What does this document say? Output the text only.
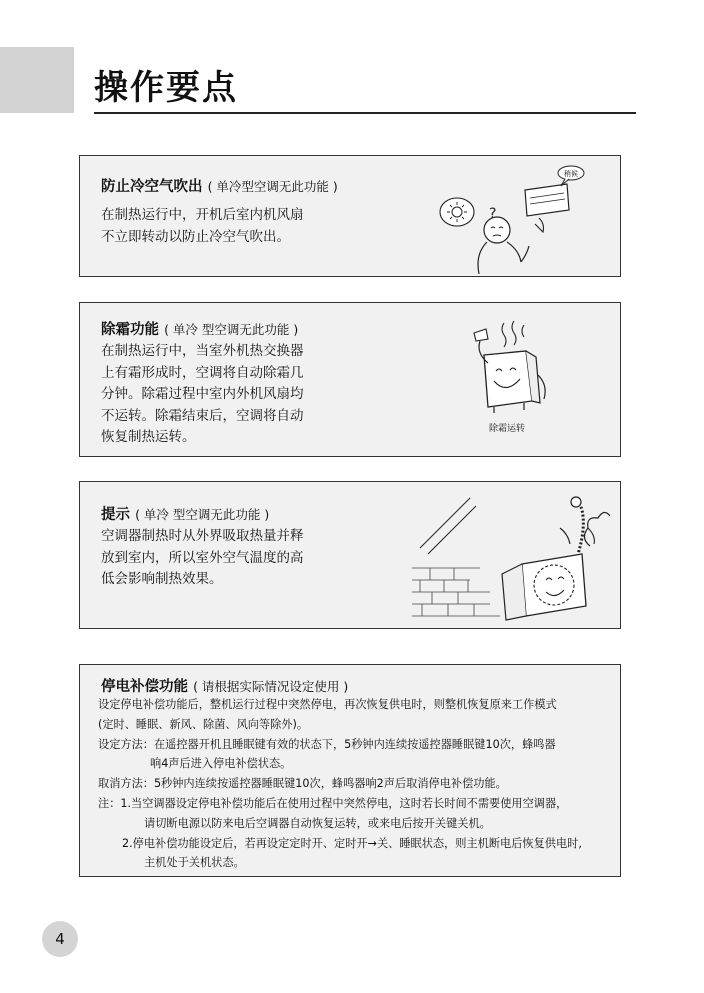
操作要点
防止冷空气吹出 ( 单冷型空调无此功能 )

在制热运行中，开机后室内机风扇

不立即转动以防止冷空气吹出。

稍候
?
除霜功能 ( 单冷 型空调无此功能 )

在制热运行中，当室外机热交换器

上有霜形成时，空调将自动除霜几

分钟。除霜过程中室内外机风扇均

不运转。除霜结束后，空调将自动

恢复制热运转。	除霜运转
提示 ( 单冷 型空调无此功能 )

空调器制热时从外界吸取热量并释

放到室内，所以室外空气温度的高

低会影响制热效果。

停电补偿功能 ( 请根据实际情况设定使用 )

设定停电补偿功能后，整机运行过程中突然停电，再次恢复供电时，则整机恢复原来工作模式

(定时、睡眠、新风、除菌、风向等除外)。

设定方法：在遥控器开机且睡眠键有效的状态下，5秒钟内连续按遥控器睡眠键10次，蜂鸣器

响4声后进入停电补偿状态。

取消方法：5秒钟内连续按遥控器睡眠键10次，蜂鸣器响2声后取消停电补偿功能。

注：1.当空调器设定停电补偿功能后在使用过程中突然停电，这时若长时间不需要使用空调器，

请切断电源以防来电后空调器自动恢复运转，或来电后按开关键关机。

2.停电补偿功能设定后，若再设定定时开、定时开→关、睡眠状态，则主机断电后恢复供电时,

主机处于关机状态。

4
